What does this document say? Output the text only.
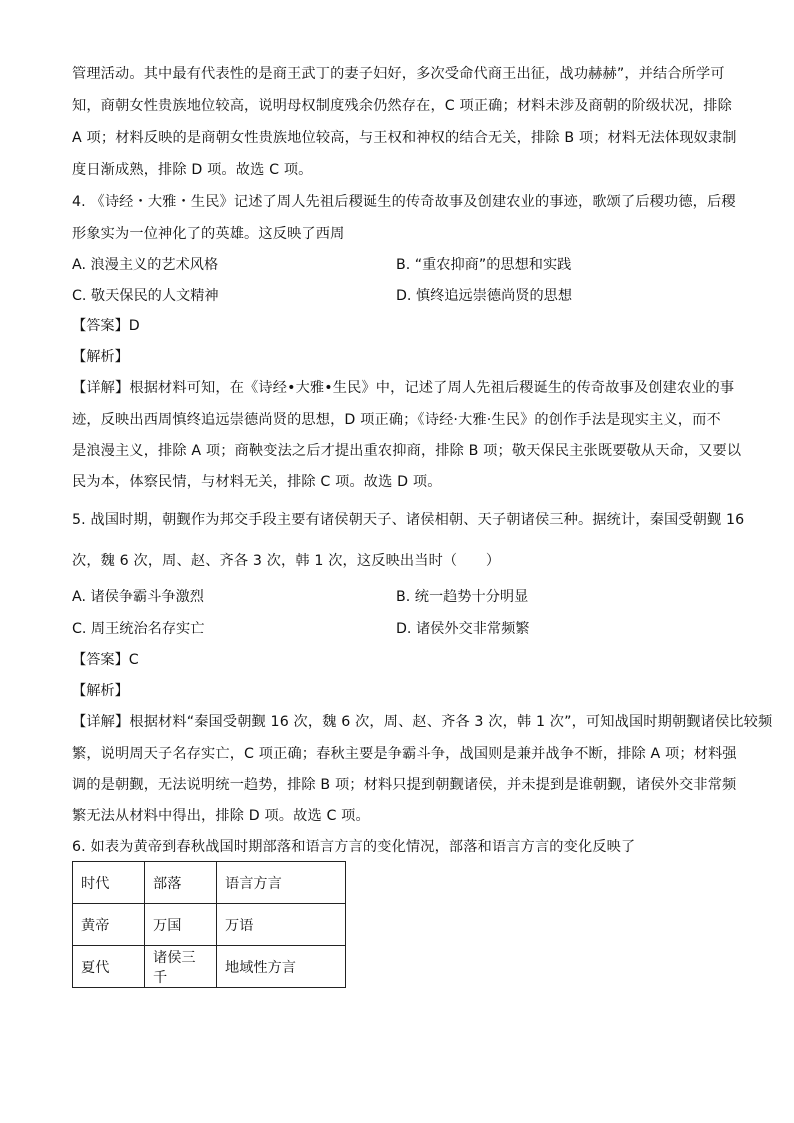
管理活动。其中最有代表性的是商王武丁的妻子妇好，多次受命代商王出征，战功赫赫”，并结合所学可
知，商朝女性贵族地位较高，说明母权制度残余仍然存在，C 项正确；材料未涉及商朝的阶级状况，排除
A 项；材料反映的是商朝女性贵族地位较高，与王权和神权的结合无关，排除 B 项；材料无法体现奴隶制
度日渐成熟，排除 D 项。故选 C 项。
4. 《诗经・大雅・生民》记述了周人先祖后稷诞生的传奇故事及创建农业的事迹，歌颂了后稷功德，后稷
形象实为一位神化了的英雄。这反映了西周
A. 浪漫主义的艺术风格	B. “重农抑商”的思想和实践
C. 敬天保民的人文精神	D. 慎终追远崇德尚贤的思想
【答案】D
【解析】
【详解】根据材料可知，在《诗经•大雅•生民》中，记述了周人先祖后稷诞生的传奇故事及创建农业的事
迹，反映出西周慎终追远崇德尚贤的思想，D 项正确；《诗经·大雅·生民》的创作手法是现实主义，而不
是浪漫主义，排除 A 项；商鞅变法之后才提出重农抑商，排除 B 项；敬天保民主张既要敬从天命，又要以
民为本，体察民情，与材料无关，排除 C 项。故选 D 项。
5. 战国时期，朝觐作为邦交手段主要有诸侯朝天子、诸侯相朝、天子朝诸侯三种。据统计，秦国受朝觐 16
次，魏 6 次，周、赵、齐各 3 次，韩 1 次，这反映出当时（　　）
A. 诸侯争霸斗争激烈	B. 统一趋势十分明显
C. 周王统治名存实亡	D. 诸侯外交非常频繁
【答案】C
【解析】
【详解】根据材料“秦国受朝觐 16 次，魏 6 次，周、赵、齐各 3 次，韩 1 次”，可知战国时期朝觐诸侯比较频
繁，说明周天子名存实亡，C 项正确；春秋主要是争霸斗争，战国则是兼并战争不断，排除 A 项；材料强
调的是朝觐，无法说明统一趋势，排除 B 项；材料只提到朝觐诸侯，并未提到是谁朝觐，诸侯外交非常频
繁无法从材料中得出，排除 D 项。故选 C 项。
6. 如表为黄帝到春秋战国时期部落和语言方言的变化情况，部落和语言方言的变化反映了
时代	部落	语言方言
黄帝	万国	万语
夏代	诸侯三千	地域性方言
